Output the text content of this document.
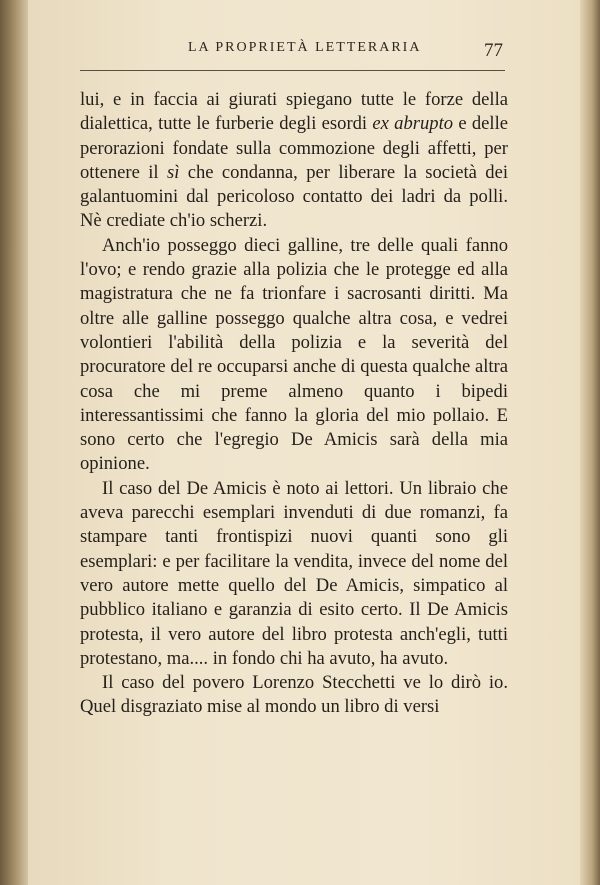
LA PROPRIETÀ LETTERARIA	77

lui, e in faccia ai giurati spiegano tutte le forze della dialettica, tutte le furberie degli esordi ex abrupto e delle perorazioni fondate sulla commozione degli affetti, per ottenere il sì che condanna, per liberare la società dei galantuomini dal pericoloso contatto dei ladri da polli. Nè crediate ch'io scherzi.

Anch'io posseggo dieci galline, tre delle quali fanno l'ovo; e rendo grazie alla polizia che le protegge ed alla magistratura che ne fa trionfare i sacrosanti diritti. Ma oltre alle galline posseggo qualche altra cosa, e vedrei volontieri l'abilità della polizia e la severità del procuratore del re occuparsi anche di questa qualche altra cosa che mi preme almeno quanto i bipedi interessantissimi che fanno la gloria del mio pollaio. E sono certo che l'egregio De Amicis sarà della mia opinione.

Il caso del De Amicis è noto ai lettori. Un libraio che aveva parecchi esemplari invenduti di due romanzi, fa stampare tanti frontispizi nuovi quanti sono gli esemplari: e per facilitare la vendita, invece del nome del vero autore mette quello del De Amicis, simpatico al pubblico italiano e garanzia di esito certo. Il De Amicis protesta, il vero autore del libro protesta anch'egli, tutti protestano, ma.... in fondo chi ha avuto, ha avuto.

Il caso del povero Lorenzo Stecchetti ve lo dirò io. Quel disgraziato mise al mondo un libro di versi
